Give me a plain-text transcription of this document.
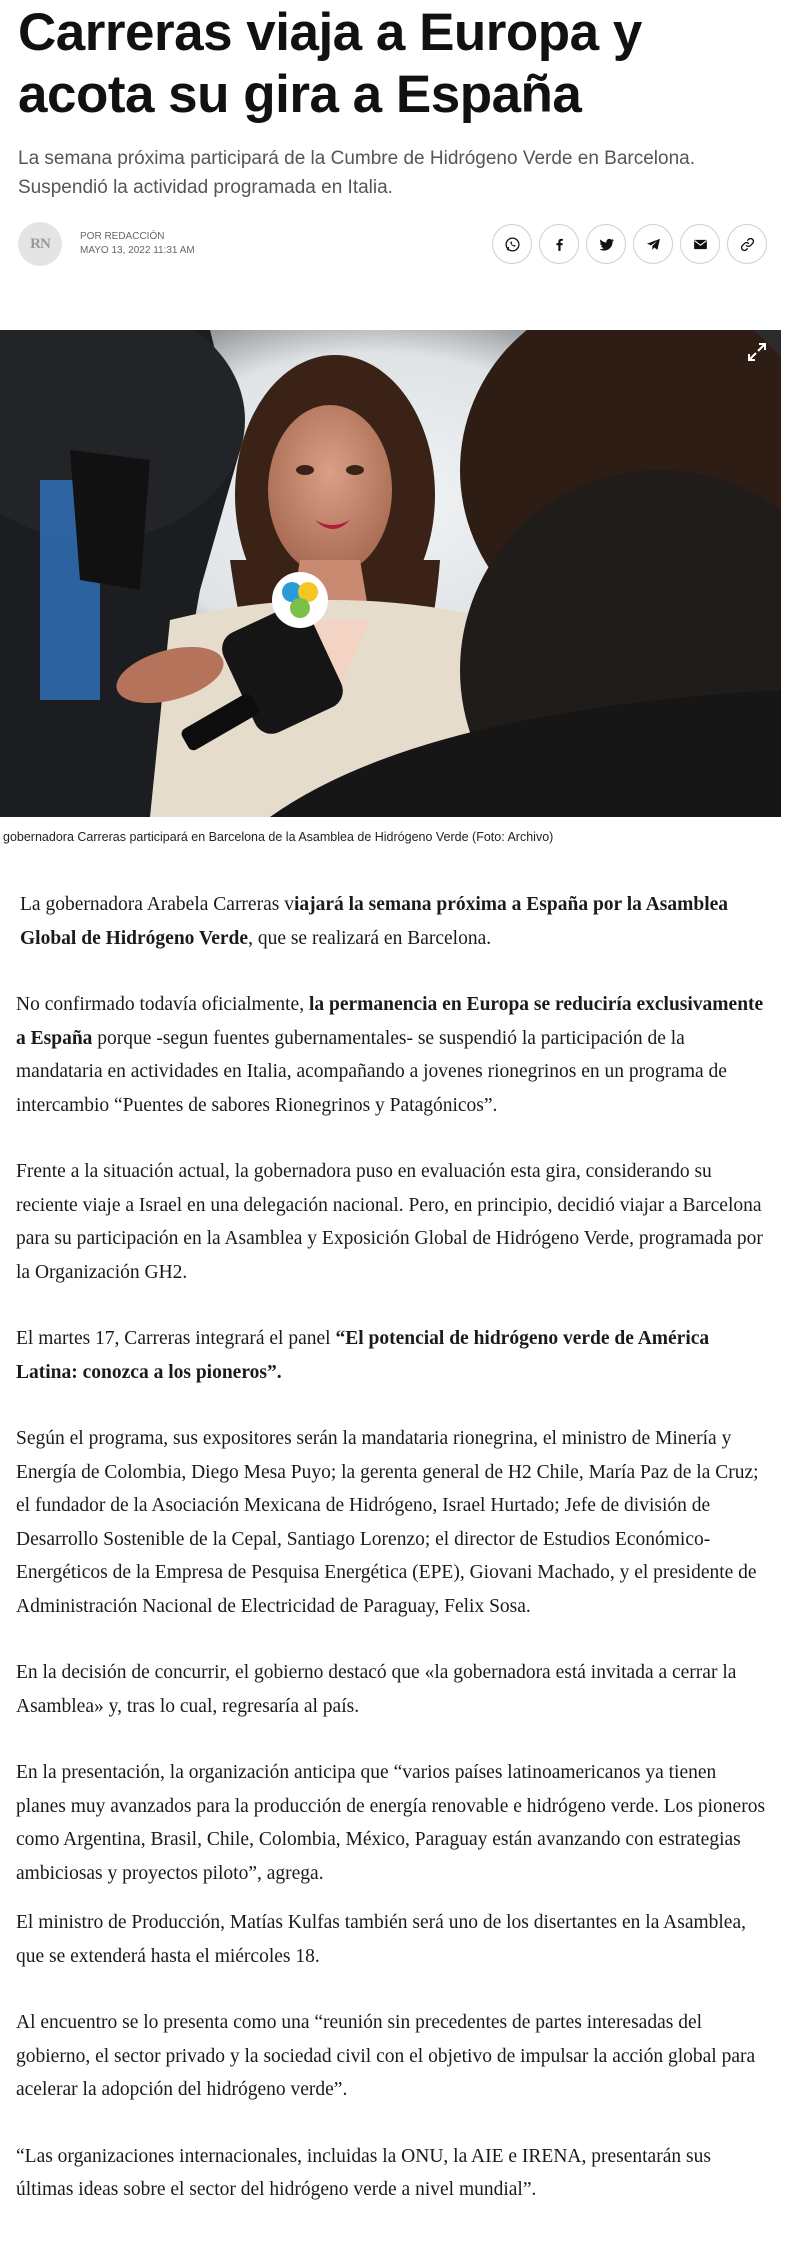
Carreras viaja a Europa y acota su gira a España

La semana próxima participará de la Cumbre de Hidrógeno Verde en Barcelona. Suspendió la actividad programada en Italia.

RN	POR REDACCIÓN
MAYO 13, 2022 11:31 AM
gobernadora Carreras participará en Barcelona de la Asamblea de Hidrógeno Verde (Foto: Archivo)

La gobernadora Arabela Carreras viajará la semana próxima a España por la Asamblea Global de Hidrógeno Verde, que se realizará en Barcelona.

No confirmado todavía oficialmente, la permanencia en Europa se reduciría exclusivamente a España porque -segun fuentes gubernamentales- se suspendió la participación de la mandataria en actividades en Italia, acompañando a jovenes rionegrinos en un programa de intercambio “Puentes de sabores Rionegrinos y Patagónicos”.

Frente a la situación actual, la gobernadora puso en evaluación esta gira, considerando su reciente viaje a Israel en una delegación nacional. Pero, en principio, decidió viajar a Barcelona para su participación en la Asamblea y Exposición Global de Hidrógeno Verde, programada por la Organización GH2.

El martes 17, Carreras integrará el panel “El potencial de hidrógeno verde de América Latina: conozca a los pioneros”.

Según el programa, sus expositores serán la mandataria rionegrina, el ministro de Minería y Energía de Colombia, Diego Mesa Puyo; la gerenta general de H2 Chile, María Paz de la Cruz; el fundador de la Asociación Mexicana de Hidrógeno, Israel Hurtado; Jefe de división de Desarrollo Sostenible de la Cepal, Santiago Lorenzo; el director de Estudios Económico-Energéticos de la Empresa de Pesquisa Energética (EPE), Giovani Machado, y el presidente de Administración Nacional de Electricidad de Paraguay, Felix Sosa.

En la decisión de concurrir, el gobierno destacó que «la gobernadora está invitada a cerrar la Asamblea» y, tras lo cual, regresaría al país.

En la presentación, la organización anticipa que “varios países latinoamericanos ya tienen planes muy avanzados para la producción de energía renovable e hidrógeno verde. Los pioneros como Argentina, Brasil, Chile, Colombia, México, Paraguay están avanzando con estrategias ambiciosas y proyectos piloto”, agrega.

El ministro de Producción, Matías Kulfas también será uno de los disertantes en la Asamblea, que se extenderá hasta el miércoles 18.

Al encuentro se lo presenta como una “reunión sin precedentes de partes interesadas del gobierno, el sector privado y la sociedad civil con el objetivo de impulsar la acción global para acelerar la adopción del hidrógeno verde”.

“Las organizaciones internacionales, incluidas la ONU, la AIE e IRENA, presentarán sus últimas ideas sobre el sector del hidrógeno verde a nivel mundial”.
